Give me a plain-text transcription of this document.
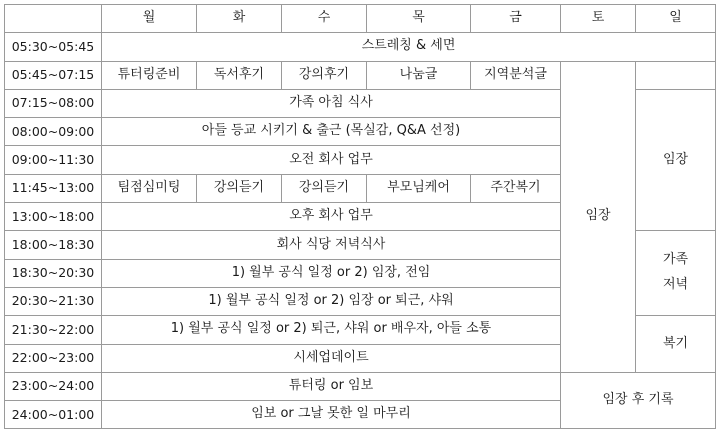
	월	화	수	목	금	토	일
05:30~05:45	스트레칭 & 세면						
05:45~07:15	튜터링준비	독서후기	강의후기	나눔글	지역분석글	임장	
07:15~08:00	가족 아침 식사						임장
08:00~09:00	아들 등교 시키기 & 출근 (목실감, Q&A 선정)						
09:00~11:30	오전 회사 업무						
11:45~13:00	팀점심미팅	강의듣기	강의듣기	부모님케어	주간복기		
13:00~18:00	오후 회사 업무						
18:00~18:30	회사 식당 저녁식사						가족
저녁

18:30~20:30	1) 월부 공식 일정 or 2) 임장, 전임						
20:30~21:30	1) 월부 공식 일정 or 2) 임장 or 퇴근, 샤워						
21:30~22:00	1) 월부 공식 일정 or 2) 퇴근, 샤워 or 배우자, 아들 소통						복기
22:00~23:00	시세업데이트						
23:00~24:00	튜터링 or 임보					임장 후 기록	
24:00~01:00	임보 or 그날 못한 일 마무리						
